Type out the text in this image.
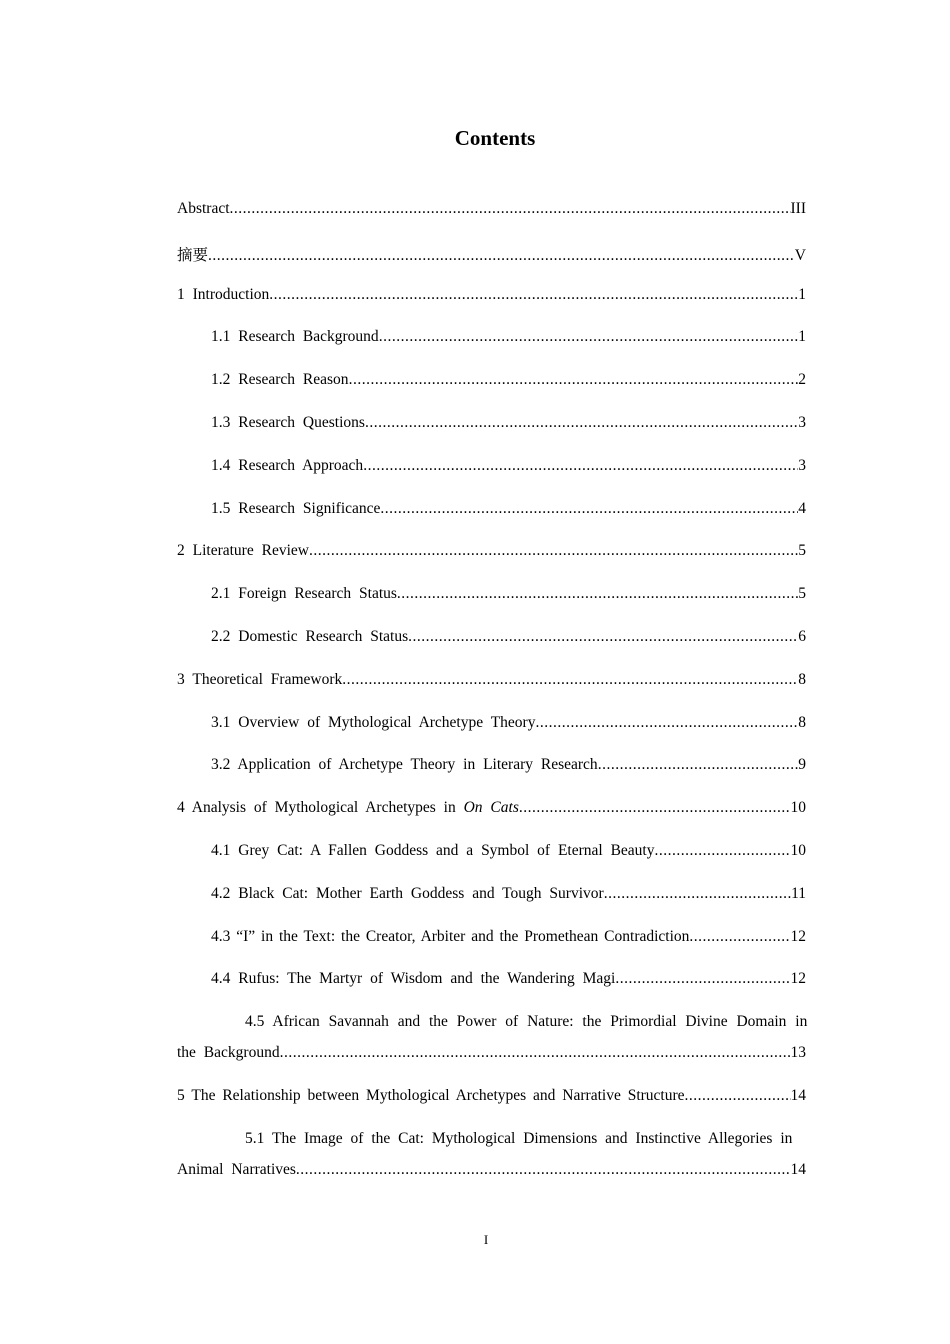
Contents
Abstract .....	III
摘要 .....	V
1 Introduction .....	1
1.1 Research Background .....	1
1.2 Research Reason .....	2
1.3 Research Questions .....	3
1.4 Research Approach .....	3
1.5 Research Significance .....	4
2 Literature Review .....	5
2.1 Foreign Research Status .....	5
2.2 Domestic Research Status .....	6
3 Theoretical Framework .....	8
3.1 Overview of Mythological Archetype Theory .....	8
3.2 Application of Archetype Theory in Literary Research .....	9
4 Analysis of Mythological Archetypes in On Cats .....	10
4.1 Grey Cat: A Fallen Goddess and a Symbol of Eternal Beauty .....	10
4.2 Black Cat: Mother Earth Goddess and Tough Survivor .....	11
4.3 “I” in the Text: the Creator, Arbiter and the Promethean Contradiction .....	12
4.4 Rufus: The Martyr of Wisdom and the Wandering Magi .....	12
4.5 African Savannah and the Power of Nature: the Primordial Divine Domain in
the Background .....	13
5 The Relationship between Mythological Archetypes and Narrative Structure .....	14
5.1 The Image of the Cat: Mythological Dimensions and Instinctive Allegories in
Animal Narratives .....	14
I
